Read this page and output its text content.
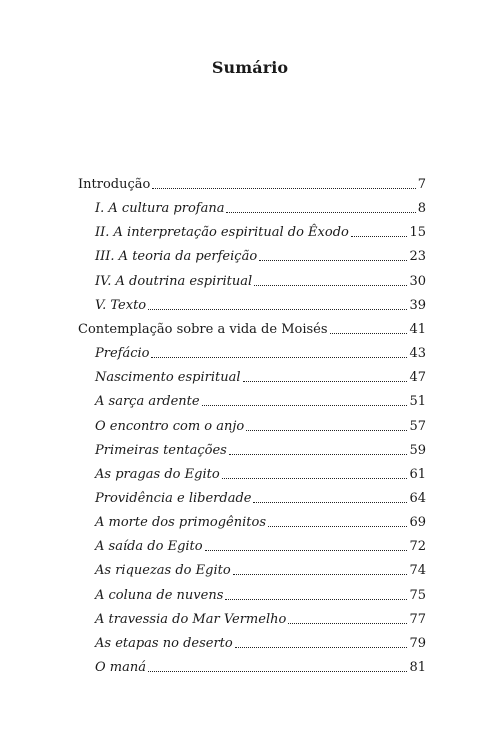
Sumário
Introdução	7
I. A cultura profana	8
II. A interpretação espiritual do Êxodo	15
III. A teoria da perfeição	23
IV. A doutrina espiritual	30
V. Texto	39
Contemplação sobre a vida de Moisés	41
Prefácio	43
Nascimento espiritual	47
A sarça ardente	51
O encontro com o anjo	57
Primeiras tentações	59
As pragas do Egito	61
Providência e liberdade	64
A morte dos primogênitos	69
A saída do Egito	72
As riquezas do Egito	74
A coluna de nuvens	75
A travessia do Mar Vermelho	77
As etapas no deserto	79
O maná	81
